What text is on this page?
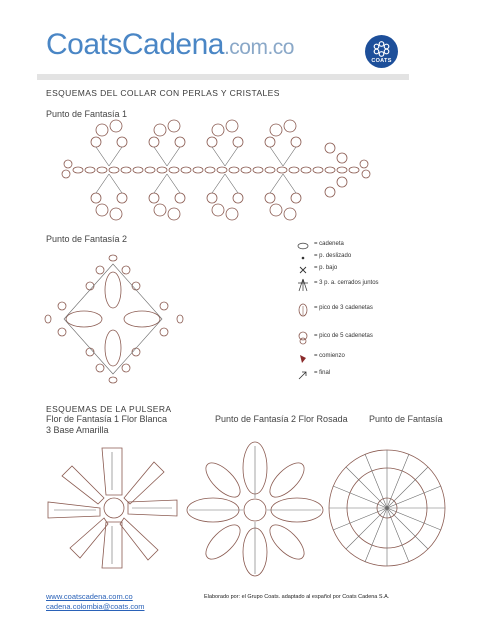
CoatsCadena.com.co
COATS
ESQUEMAS DEL COLLAR CON PERLAS Y CRISTALES
Punto de Fantasía 1
Punto de Fantasía 2	= cadeneta
= p. deslizado
= p. bajo
= 3 p. a. cerrados juntos
= pico de 3 cadenetas
= pico de 5 cadenetas
= comienzo
= final
ESQUEMAS DE LA PULSERA
Flor de Fantasía 1 Flor Blanca	Punto de Fantasía 2 Flor Rosada Punto de Fantasía
3 Base Amarilla
www.coatscadena.com.co
cadena.colombia@coats.com
Elaborado por: el Grupo Coats. adaptado al español por Coats Cadena S.A.
